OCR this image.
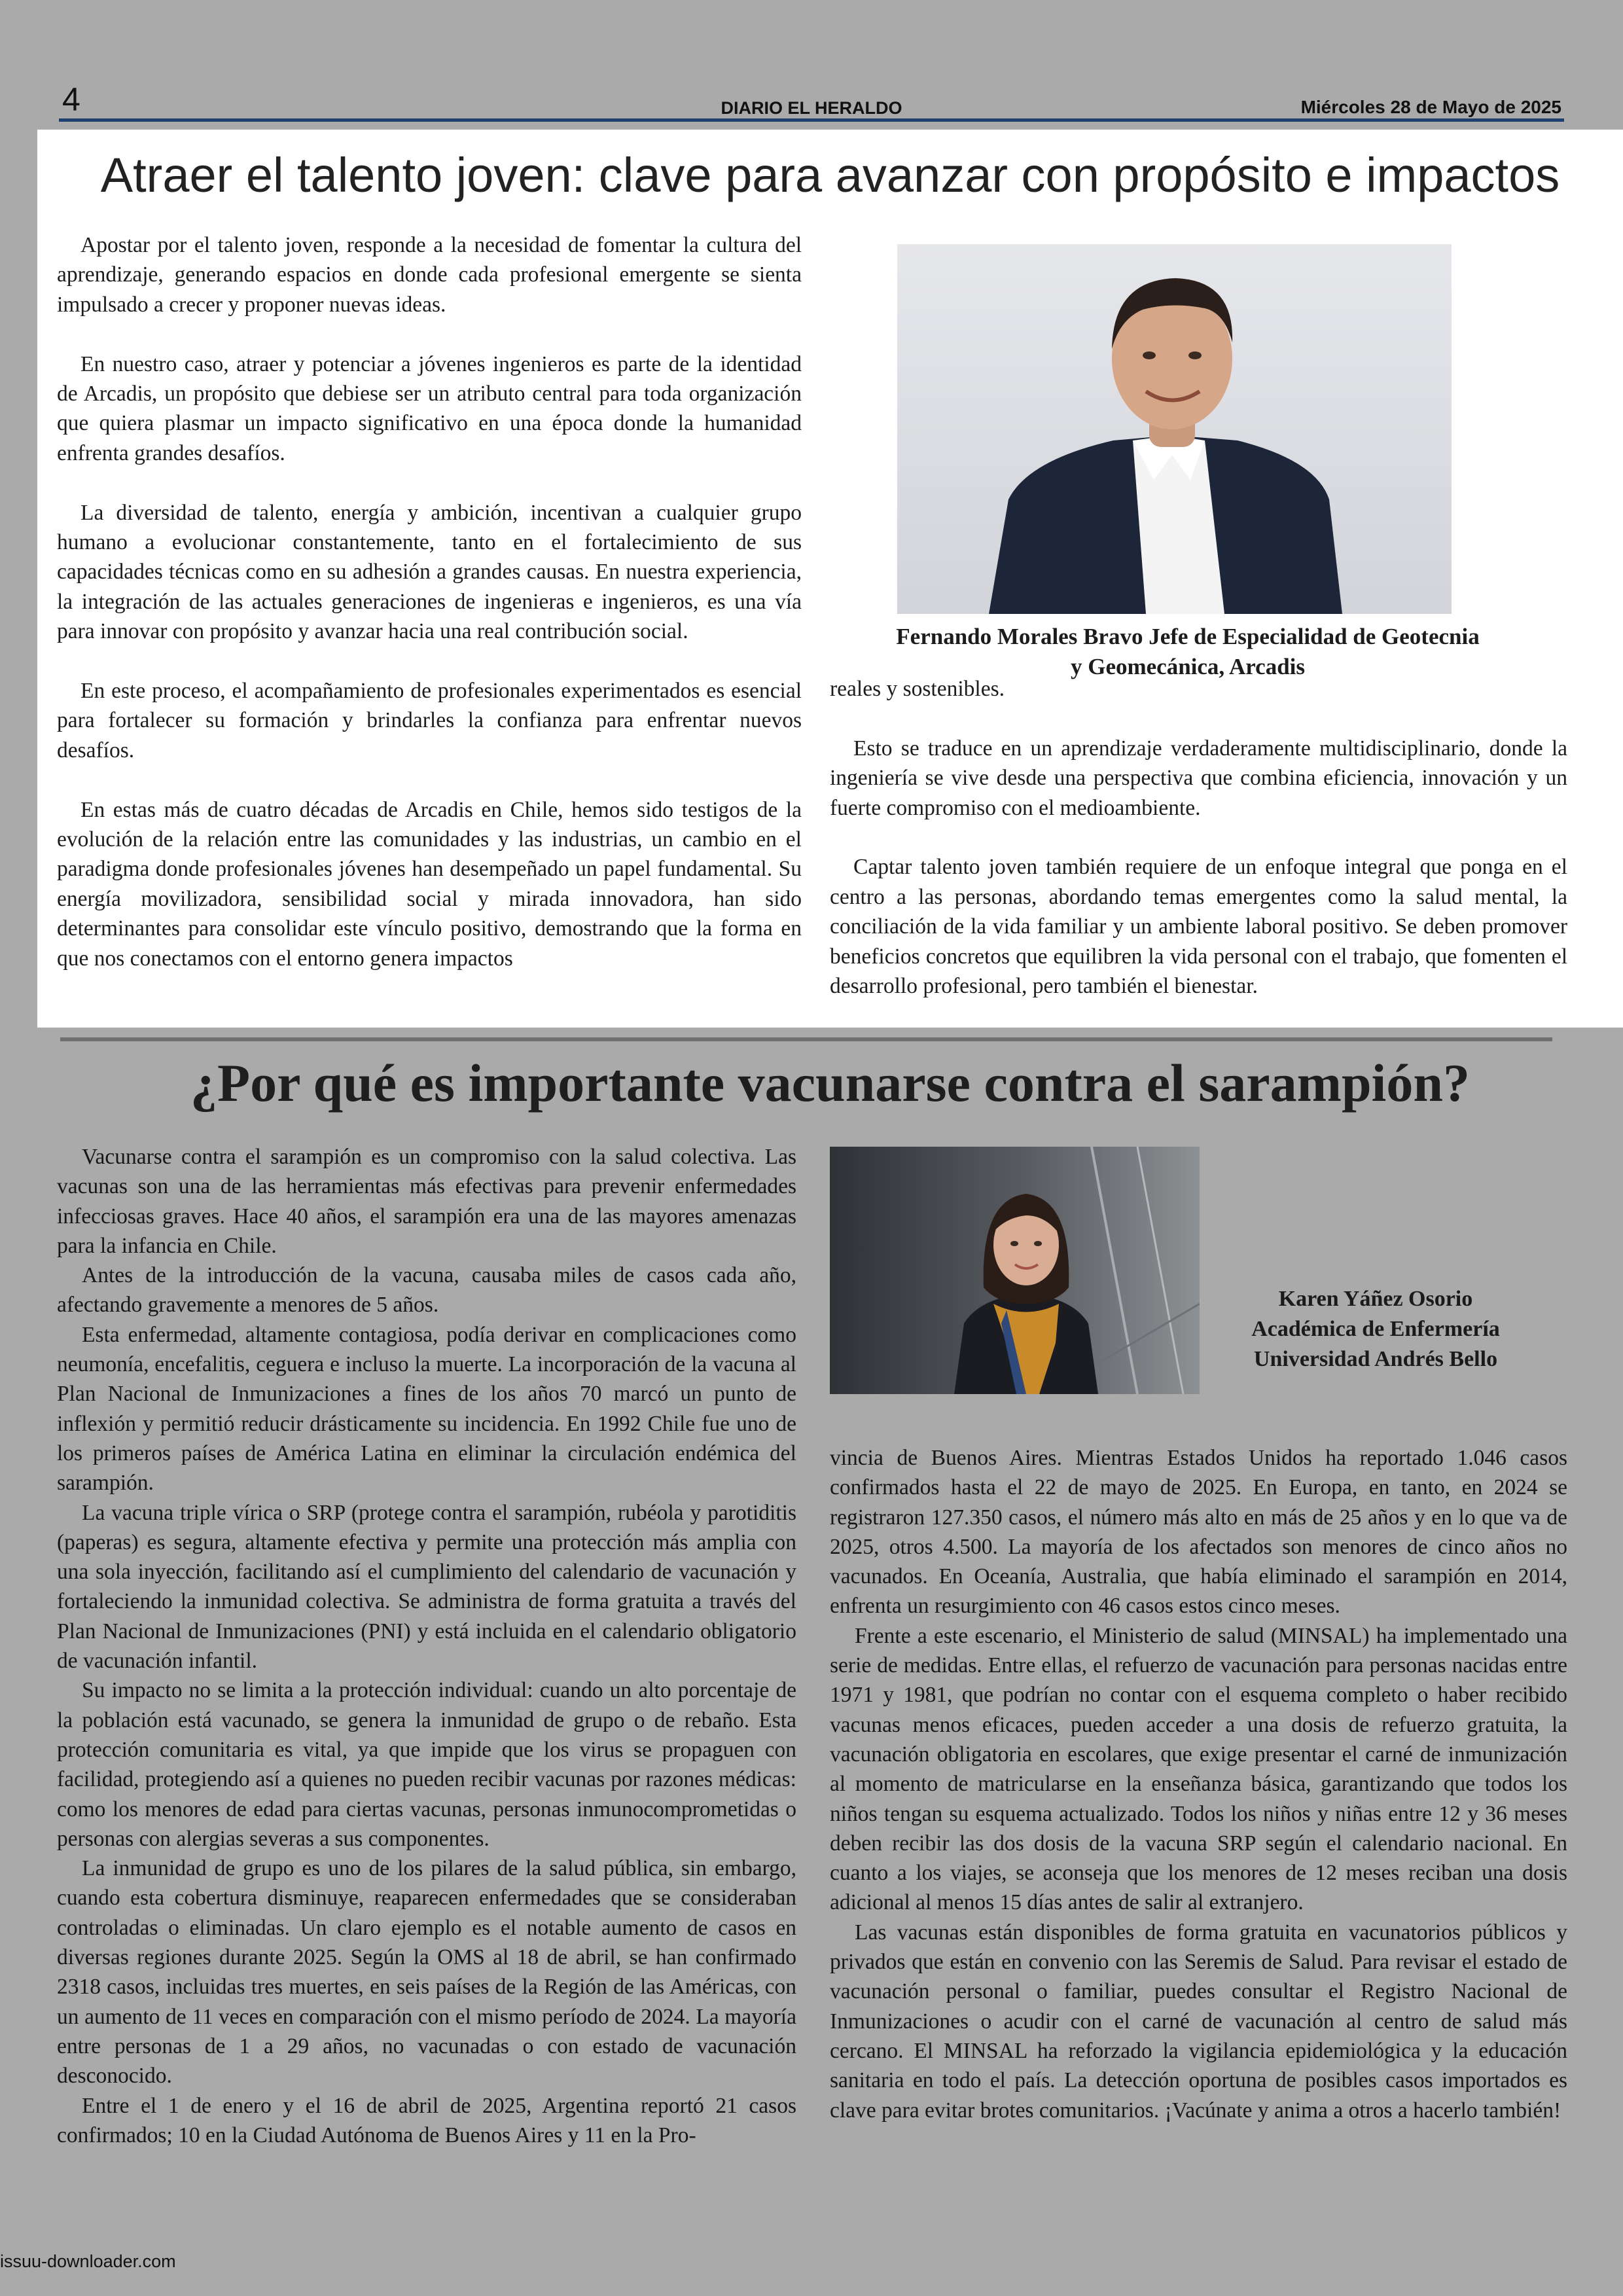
4	DIARIO EL HERALDO	Miércoles 28 de Mayo de 2025
Atraer el talento joven: clave para avanzar con propósito e impactos

Apostar por el talento joven, responde a la necesidad de fomentar la cultura del aprendizaje, generando espacios en donde cada profesional emergente se sienta impulsado a crecer y proponer nuevas ideas.

En nuestro caso, atraer y potenciar a jóvenes ingenieros es parte de la identidad de Arcadis, un propósito que debiese ser un atributo central para toda organización que quiera plasmar un impacto significativo en una época donde la humanidad enfrenta grandes desafíos.

La diversidad de talento, energía y ambición, incentivan a cualquier grupo humano a evolucionar constantemente, tanto en el fortalecimiento de sus capacidades técnicas como en su adhesión a grandes causas. En nuestra experiencia, la integración de las actuales generaciones de ingenieras e ingenieros, es una vía para innovar con propósito y avanzar hacia una real contribución social.

En este proceso, el acompañamiento de profesionales experimentados es esencial para fortalecer su formación y brindarles la confianza para enfrentar nuevos desafíos.

En estas más de cuatro décadas de Arcadis en Chile, hemos sido testigos de la evolución de la relación entre las comunidades y las industrias, un cambio en el paradigma donde profesionales jóvenes han desempeñado un papel fundamental. Su energía movilizadora, sensibilidad social y mirada innovadora, han sido determinantes para consolidar este vínculo positivo, demostrando que la forma en que nos conectamos con el entorno genera impactos

Fernando Morales Bravo Jefe de Especialidad de Geotecnia
y Geomecánica, Arcadis

reales y sostenibles.

Esto se traduce en un aprendizaje verdaderamente multidisciplinario, donde la ingeniería se vive desde una perspectiva que combina eficiencia, innovación y un fuerte compromiso con el medioambiente.

Captar talento joven también requiere de un enfoque integral que ponga en el centro a las personas, abordando temas emergentes como la salud mental, la conciliación de la vida familiar y un ambiente laboral positivo. Se deben promover beneficios concretos que equilibren la vida personal con el trabajo, que fomenten el desarrollo profesional, pero también el bienestar.

¿Por qué es importante vacunarse contra el sarampión?

Vacunarse contra el sarampión es un compromiso con la salud colectiva. Las vacunas son una de las herramientas más efectivas para prevenir enfermedades infecciosas graves. Hace 40 años, el sarampión era una de las mayores amenazas para la infancia en Chile.

Antes de la introducción de la vacuna, causaba miles de casos cada año, afectando gravemente a menores de 5 años.

Esta enfermedad, altamente contagiosa, podía derivar en complicaciones como neumonía, encefalitis, ceguera e incluso la muerte. La incorporación de la vacuna al Plan Nacional de Inmunizaciones a fines de los años 70 marcó un punto de inflexión y permitió reducir drásticamente su incidencia. En 1992 Chile fue uno de los primeros países de América Latina en eliminar la circulación endémica del sarampión.

La vacuna triple vírica o SRP (protege contra el sarampión, rubéola y parotiditis (paperas) es segura, altamente efectiva y permite una protección más amplia con una sola inyección, facilitando así el cumplimiento del calendario de vacunación y fortaleciendo la inmunidad colectiva. Se administra de forma gratuita a través del Plan Nacional de Inmunizaciones (PNI) y está incluida en el calendario obligatorio de vacunación infantil.

Su impacto no se limita a la protección individual: cuando un alto porcentaje de la población está vacunado, se genera la inmunidad de grupo o de rebaño. Esta protección comunitaria es vital, ya que impide que los virus se propaguen con facilidad, protegiendo así a quienes no pueden recibir vacunas por razones médicas: como los menores de edad para ciertas vacunas, personas inmunocomprometidas o personas con alergias severas a sus componentes.

La inmunidad de grupo es uno de los pilares de la salud pública, sin embargo, cuando esta cobertura disminuye, reaparecen enfermedades que se consideraban controladas o eliminadas. Un claro ejemplo es el notable aumento de casos en diversas regiones durante 2025. Según la OMS al 18 de abril, se han confirmado 2318 casos, incluidas tres muertes, en seis países de la Región de las Américas, con un aumento de 11 veces en comparación con el mismo período de 2024. La mayoría entre personas de 1 a 29 años, no vacunadas o con estado de vacunación desconocido.

Entre el 1 de enero y el 16 de abril de 2025, Argentina reportó 21 casos confirmados; 10 en la Ciudad Autónoma de Buenos Aires y 11 en la Pro-

Karen Yáñez Osorio
Académica de Enfermería
Universidad Andrés Bello

vincia de Buenos Aires. Mientras Estados Unidos ha reportado 1.046 casos confirmados hasta el 22 de mayo de 2025. En Europa, en tanto, en 2024 se registraron 127.350 casos, el número más alto en más de 25 años y en lo que va de 2025, otros 4.500. La mayoría de los afectados son menores de cinco años no vacunados. En Oceanía, Australia, que había eliminado el sarampión en 2014, enfrenta un resurgimiento con 46 casos estos cinco meses.

Frente a este escenario, el Ministerio de salud (MINSAL) ha implementado una serie de medidas. Entre ellas, el refuerzo de vacunación para personas nacidas entre 1971 y 1981, que podrían no contar con el esquema completo o haber recibido vacunas menos eficaces, pueden acceder a una dosis de refuerzo gratuita, la vacunación obligatoria en escolares, que exige presentar el carné de inmunización al momento de matricularse en la enseñanza básica, garantizando que todos los niños tengan su esquema actualizado. Todos los niños y niñas entre 12 y 36 meses deben recibir las dos dosis de la vacuna SRP según el calendario nacional. En cuanto a los viajes, se aconseja que los menores de 12 meses reciban una dosis adicional al menos 15 días antes de salir al extranjero.

Las vacunas están disponibles de forma gratuita en vacunatorios públicos y privados que están en convenio con las Seremis de Salud. Para revisar el estado de vacunación personal o familiar, puedes consultar el Registro Nacional de Inmunizaciones o acudir con el carné de vacunación al centro de salud más cercano. El MINSAL ha reforzado la vigilancia epidemiológica y la educación sanitaria en todo el país. La detección oportuna de posibles casos importados es clave para evitar brotes comunitarios. ¡Vacúnate y anima a otros a hacerlo también!

issuu-downloader.com
